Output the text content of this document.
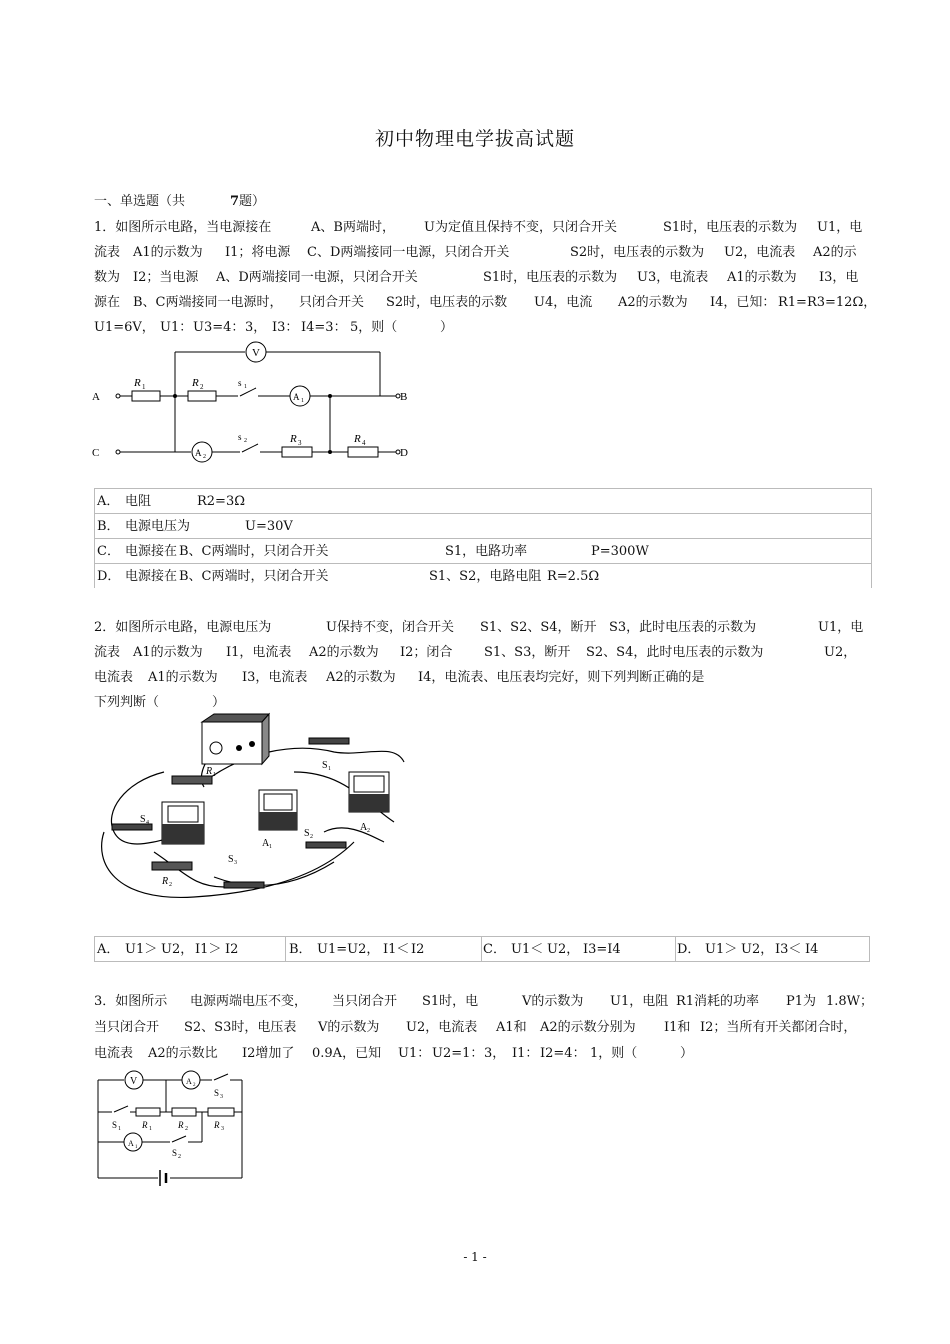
初中物理电学拔高试题
一、单选题（共	7题）
1．如图所示电路，当电源接在	A、B两端时， U为定值且保持不变，只闭合开关	S1时，电压表的示数为 U1，电
流表 A1的示数为 I1；将电源 C、D两端接同一电源，只闭合开关	S2时，电压表的示数为 U2，电流表 A2的示
数为 I2；当电源 A、D两端接同一电源，只闭合开关	S1时，电压表的示数为 U3，电流表 A1的示数为 I3，电
源在 B、C两端接同一电源时， 只闭合开关 S2时，电压表的示数 U4，电流 A2的示数为 I4，已知： R1=R3=12Ω，
U1=6V， U1： U3=4： 3， I3： I4=3： 5，则（	）
V
A 1
A 2
A	B
C	D
R 1	R 2	s 1
s 2	R 3	R 4
A． 电阻	R2=3Ω
B． 电源电压为	U=30V
C． 电源接在 B、C两端时，只闭合开关	S1，电路功率	P=300W
D． 电源接在 B、C两端时，只闭合开关	S1、S2，电路电阻 R=2.5Ω
2．如图所示电路，电源电压为	U保持不变，闭合开关 S1、S2、S4，断开 S3，此时电压表的示数为	U1，电
流表 A1的示数为 I1，电流表 A2的示数为 I2；闭合 S1、S3，断开 S2、S4，此时电压表的示数为	U2，
电流表 A1的示数为 I3，电流表 A2的示数为 I4，电流表、电压表均完好，则下列判断正确的是
下列判断（	）
S 1
R 1
S 4
S 2
A 1
A 2
S 3
R 2
A． U1＞ U2， I1＞ I2	B． U1=U2， I1＜ I2	C． U1＜ U2， I3=I4	D． U1＞ U2， I3＜ I4
3．如图所示 电源两端电压不变， 当只闭合开 S1时，电	V的示数为 U1，电阻 R1消耗的功率 P1为 1.8W；
当只闭合开 S2、S3时，电压表 V的示数为 U2，电流表 A1和 A2的示数分别为 I1和 I2；当所有开关都闭合时，
电流表 A2的示数比 I2增加了 0.9A，已知 U1： U2=1： 3， I1： I2=4： 1，则（	）
V	A 2
A 1
S 3
S 1 R 1	R 2	R 3
S 2
- 1 -
